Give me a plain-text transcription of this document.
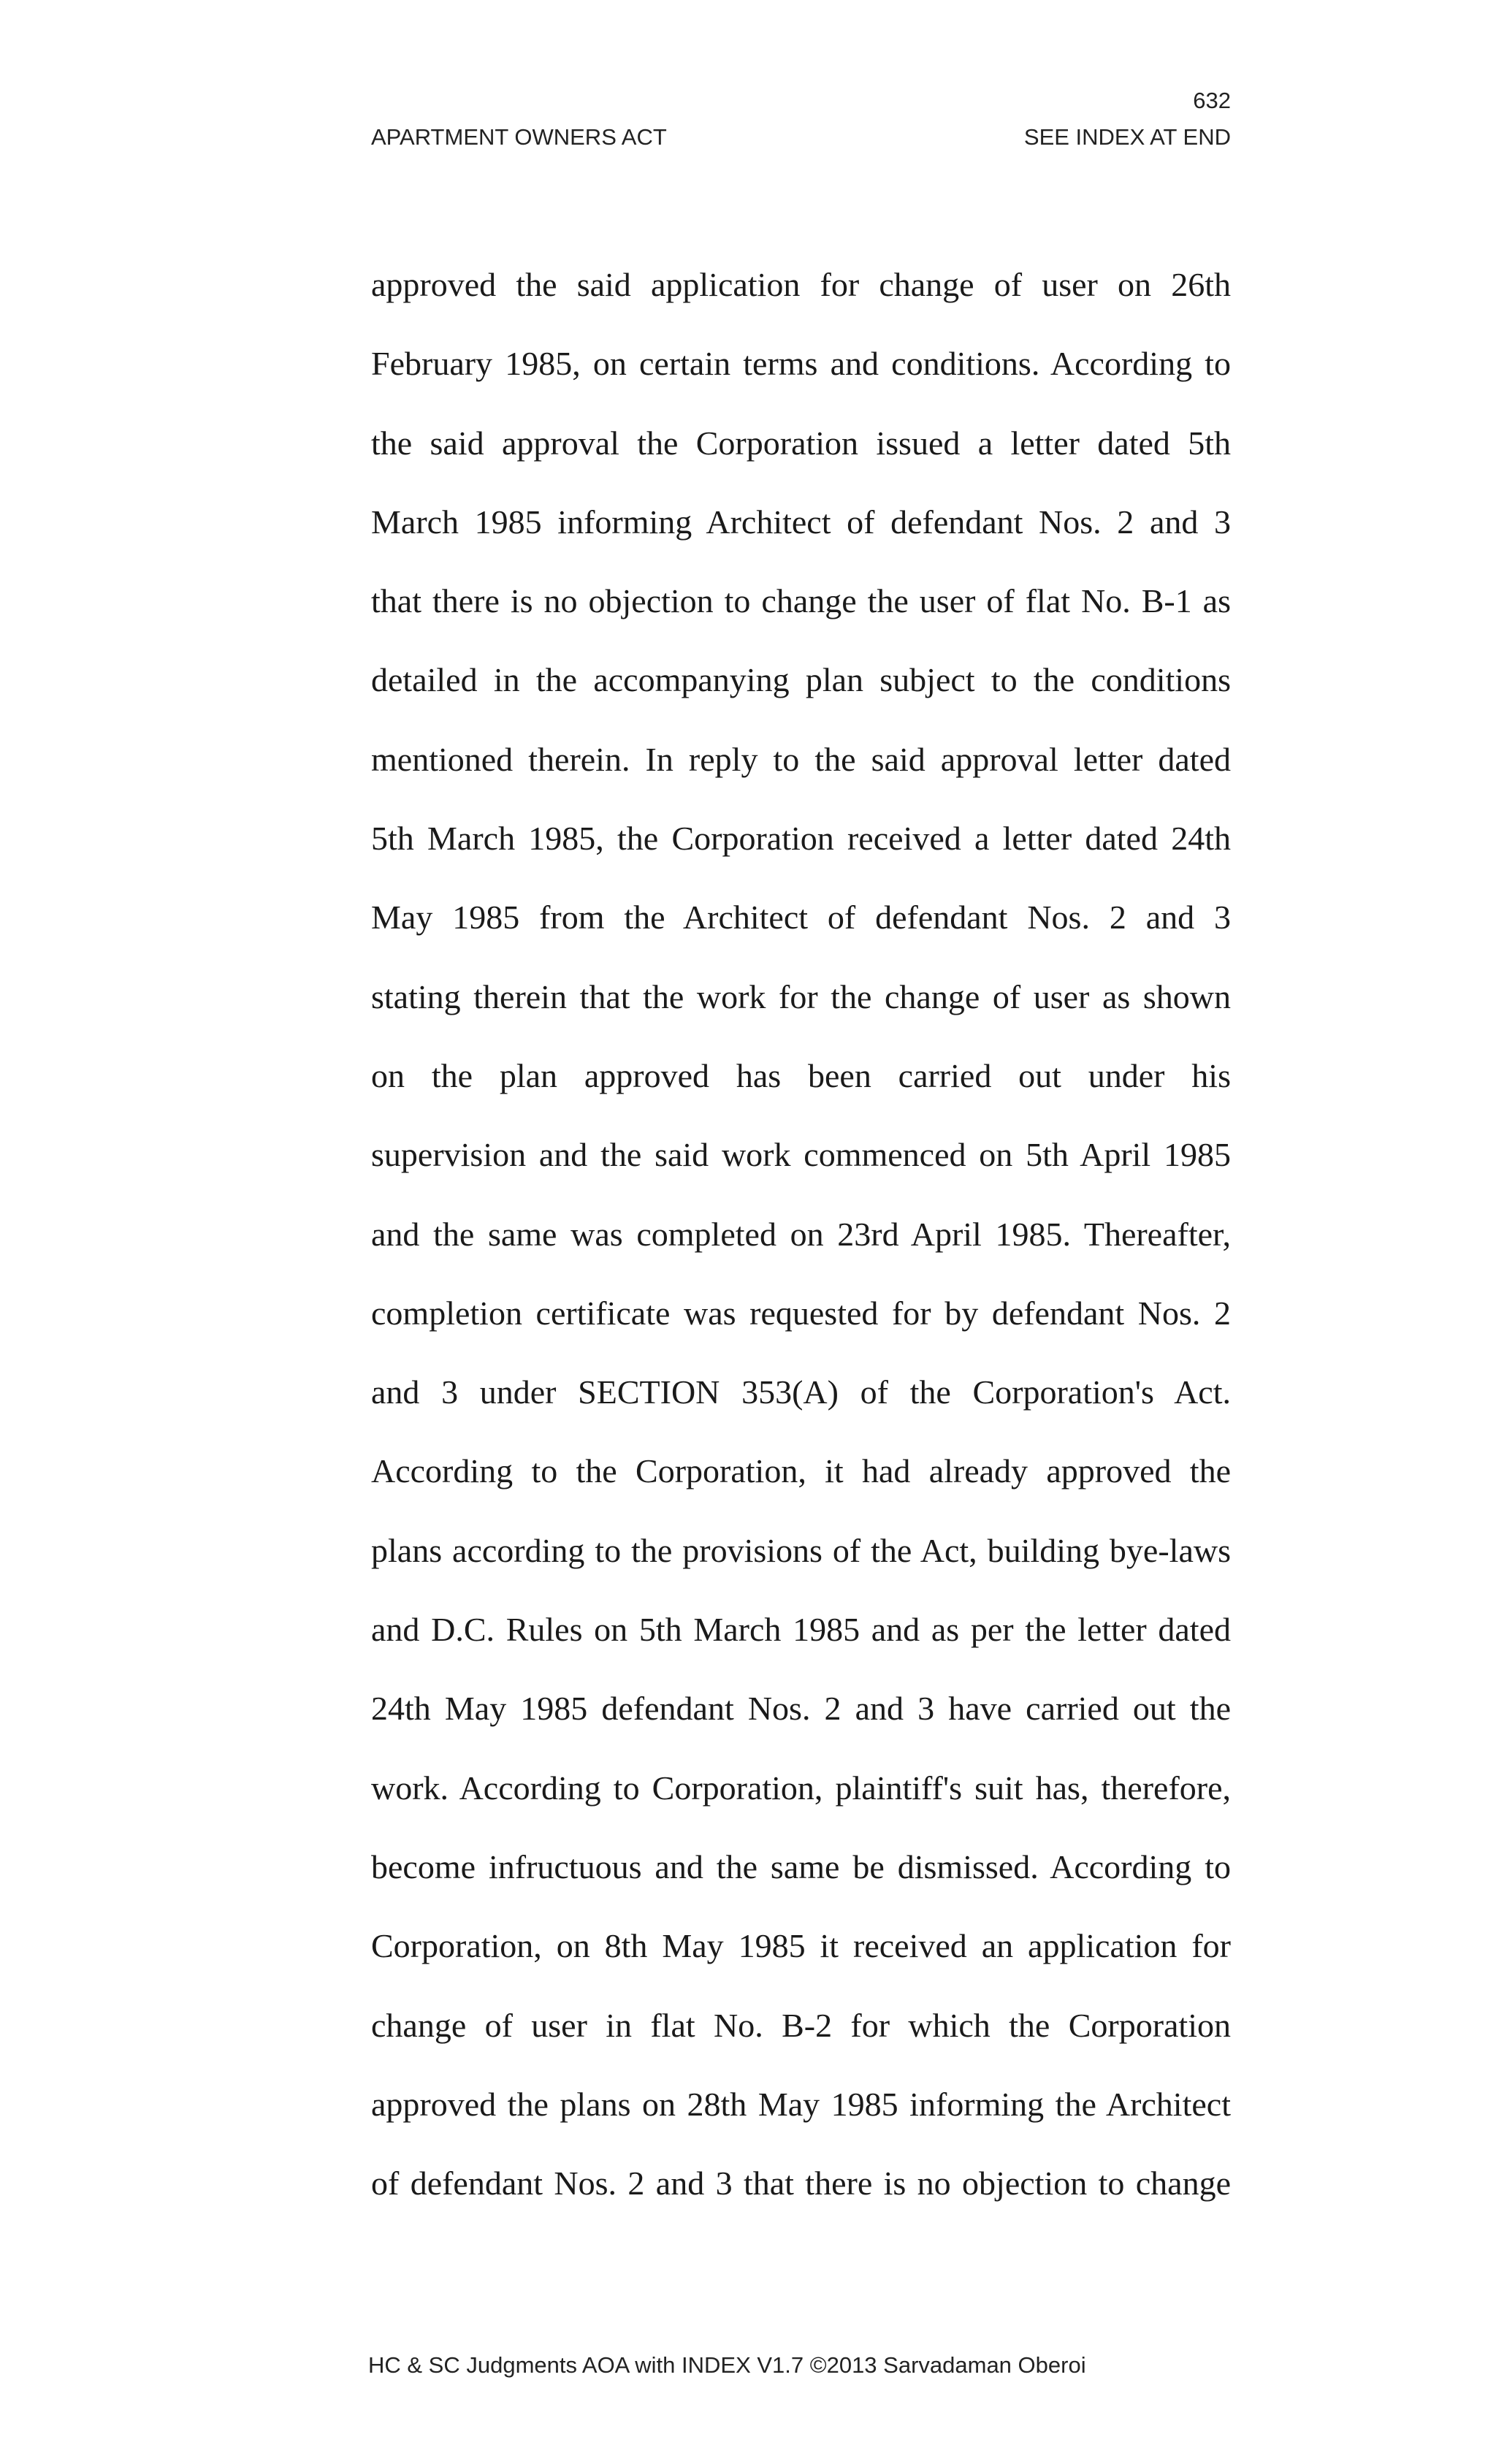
632
APARTMENT OWNERS ACT	SEE INDEX AT END
approved the said application for change of user on 26th
February 1985, on certain terms and conditions. According to
the said approval the Corporation issued a letter dated 5th
March 1985 informing Architect of defendant Nos. 2 and 3
that there is no objection to change the user of flat No. B-1 as
detailed in the accompanying plan subject to the conditions
mentioned therein. In reply to the said approval letter dated
5th March 1985, the Corporation received a letter dated 24th
May 1985 from the Architect of defendant Nos. 2 and 3
stating therein that the work for the change of user as shown
on the plan approved has been carried out under his
supervision and the said work commenced on 5th April 1985
and the same was completed on 23rd April 1985. Thereafter,
completion certificate was requested for by defendant Nos. 2
and 3 under SECTION 353(A) of the Corporation's Act.
According to the Corporation, it had already approved the
plans according to the provisions of the Act, building bye-laws
and D.C. Rules on 5th March 1985 and as per the letter dated
24th May 1985 defendant Nos. 2 and 3 have carried out the
work. According to Corporation, plaintiff's suit has, therefore,
become infructuous and the same be dismissed. According to
Corporation, on 8th May 1985 it received an application for
change of user in flat No. B-2 for which the Corporation
approved the plans on 28th May 1985 informing the Architect
of defendant Nos. 2 and 3 that there is no objection to change
HC & SC Judgments AOA with INDEX V1.7 ©2013 Sarvadaman Oberoi
